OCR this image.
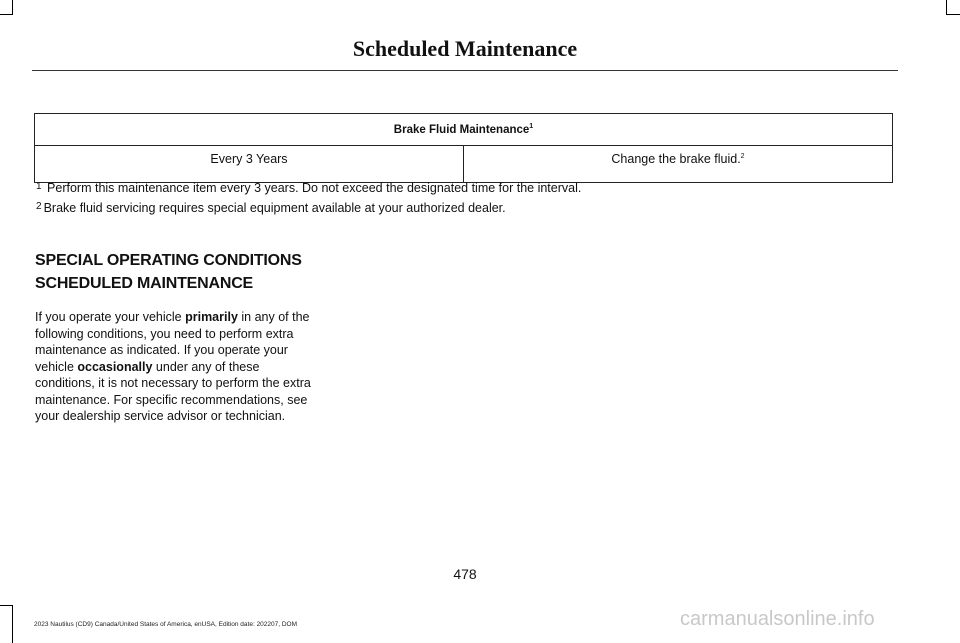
Scheduled Maintenance
Brake Fluid Maintenance$^1$
Every 3 Years	Change the brake fluid.$^2$
$^1$ Perform this maintenance item every 3 years. Do not exceed the designated time for the interval.
$^2$ Brake fluid servicing requires special equipment available at your authorized dealer.
SPECIAL OPERATING CONDITIONS
SCHEDULED MAINTENANCE
If you operate your vehicle primarily in any of the following conditions, you need to perform extra maintenance as indicated. If you operate your vehicle occasionally under any of these conditions, it is not necessary to perform the extra maintenance. For specific recommendations, see your dealership service advisor or technician.
478
2023 Nautilus (CD9) Canada/United States of America, enUSA, Edition date: 202207, DOM	carmanualsonline.info
